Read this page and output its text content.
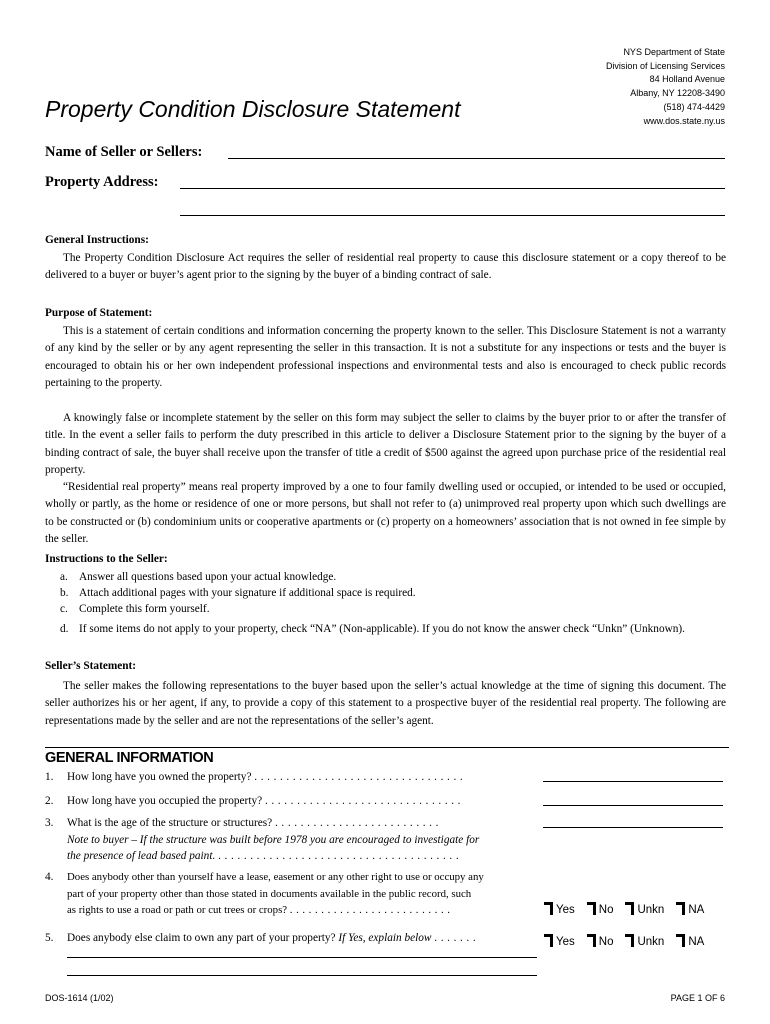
NYS Department of State
Division of Licensing Services
84 Holland Avenue
Albany, NY 12208-3490
(518) 474-4429
www.dos.state.ny.us
Property Condition Disclosure Statement
Name of Seller or Sellers:
Property Address:
General Instructions:
The Property Condition Disclosure Act requires the seller of residential real property to cause this disclosure statement or a copy thereof to be delivered to a buyer or buyer’s agent prior to the signing by the buyer of a binding contract of sale.
Purpose of Statement:
This is a statement of certain conditions and information concerning the property known to the seller. This Disclosure Statement is not a warranty of any kind by the seller or by any agent representing the seller in this transaction. It is not a substitute for any inspections or tests and the buyer is encouraged to obtain his or her own independent professional inspections and environmental tests and also is encouraged to check public records pertaining to the property.
A knowingly false or incomplete statement by the seller on this form may subject the seller to claims by the buyer prior to or after the transfer of title. In the event a seller fails to perform the duty prescribed in this article to deliver a Disclosure Statement prior to the signing by the buyer of a binding contract of sale, the buyer shall receive upon the transfer of title a credit of $500 against the agreed upon purchase price of the residential real property.
“Residential real property” means real property improved by a one to four family dwelling used or occupied, or intended to be used or occupied, wholly or partly, as the home or residence of one or more persons, but shall not refer to (a) unimproved real property upon which such dwellings are to be constructed or (b) condominium units or cooperative apartments or (c) property on a homeowners’ association that is not owned in fee simple by the seller.
Instructions to the Seller:
a. Answer all questions based upon your actual knowledge.
b. Attach additional pages with your signature if additional space is required.
c. Complete this form yourself.
d. If some items do not apply to your property, check “NA” (Non-applicable). If you do not know the answer check “Unkn” (Unknown).
Seller’s Statement:
The seller makes the following representations to the buyer based upon the seller’s actual knowledge at the time of signing this document. The seller authorizes his or her agent, if any, to provide a copy of this statement to a prospective buyer of the residential real property. The following are representations made by the seller and are not the representations of the seller’s agent.
GENERAL INFORMATION
1. How long have you owned the property? .................................
2. How long have you occupied the property? ...............................
3. What is the age of the structure or structures? ..........................
Note to buyer – If the structure was built before 1978 you are encouraged to investigate for
the presence of lead based paint. ......................................
4. Does anybody other than yourself have a lease, easement or any other right to use or occupy any
part of your property other than those stated in documents available in the public record, such
as rights to use a road or path or cut trees or crops? ..........................	Yes No Unkn NA
5. Does anybody else claim to own any part of your property? If Yes, explain below .......	Yes No Unkn NA
DOS-1614 (1/02)	PAGE 1 OF 6
